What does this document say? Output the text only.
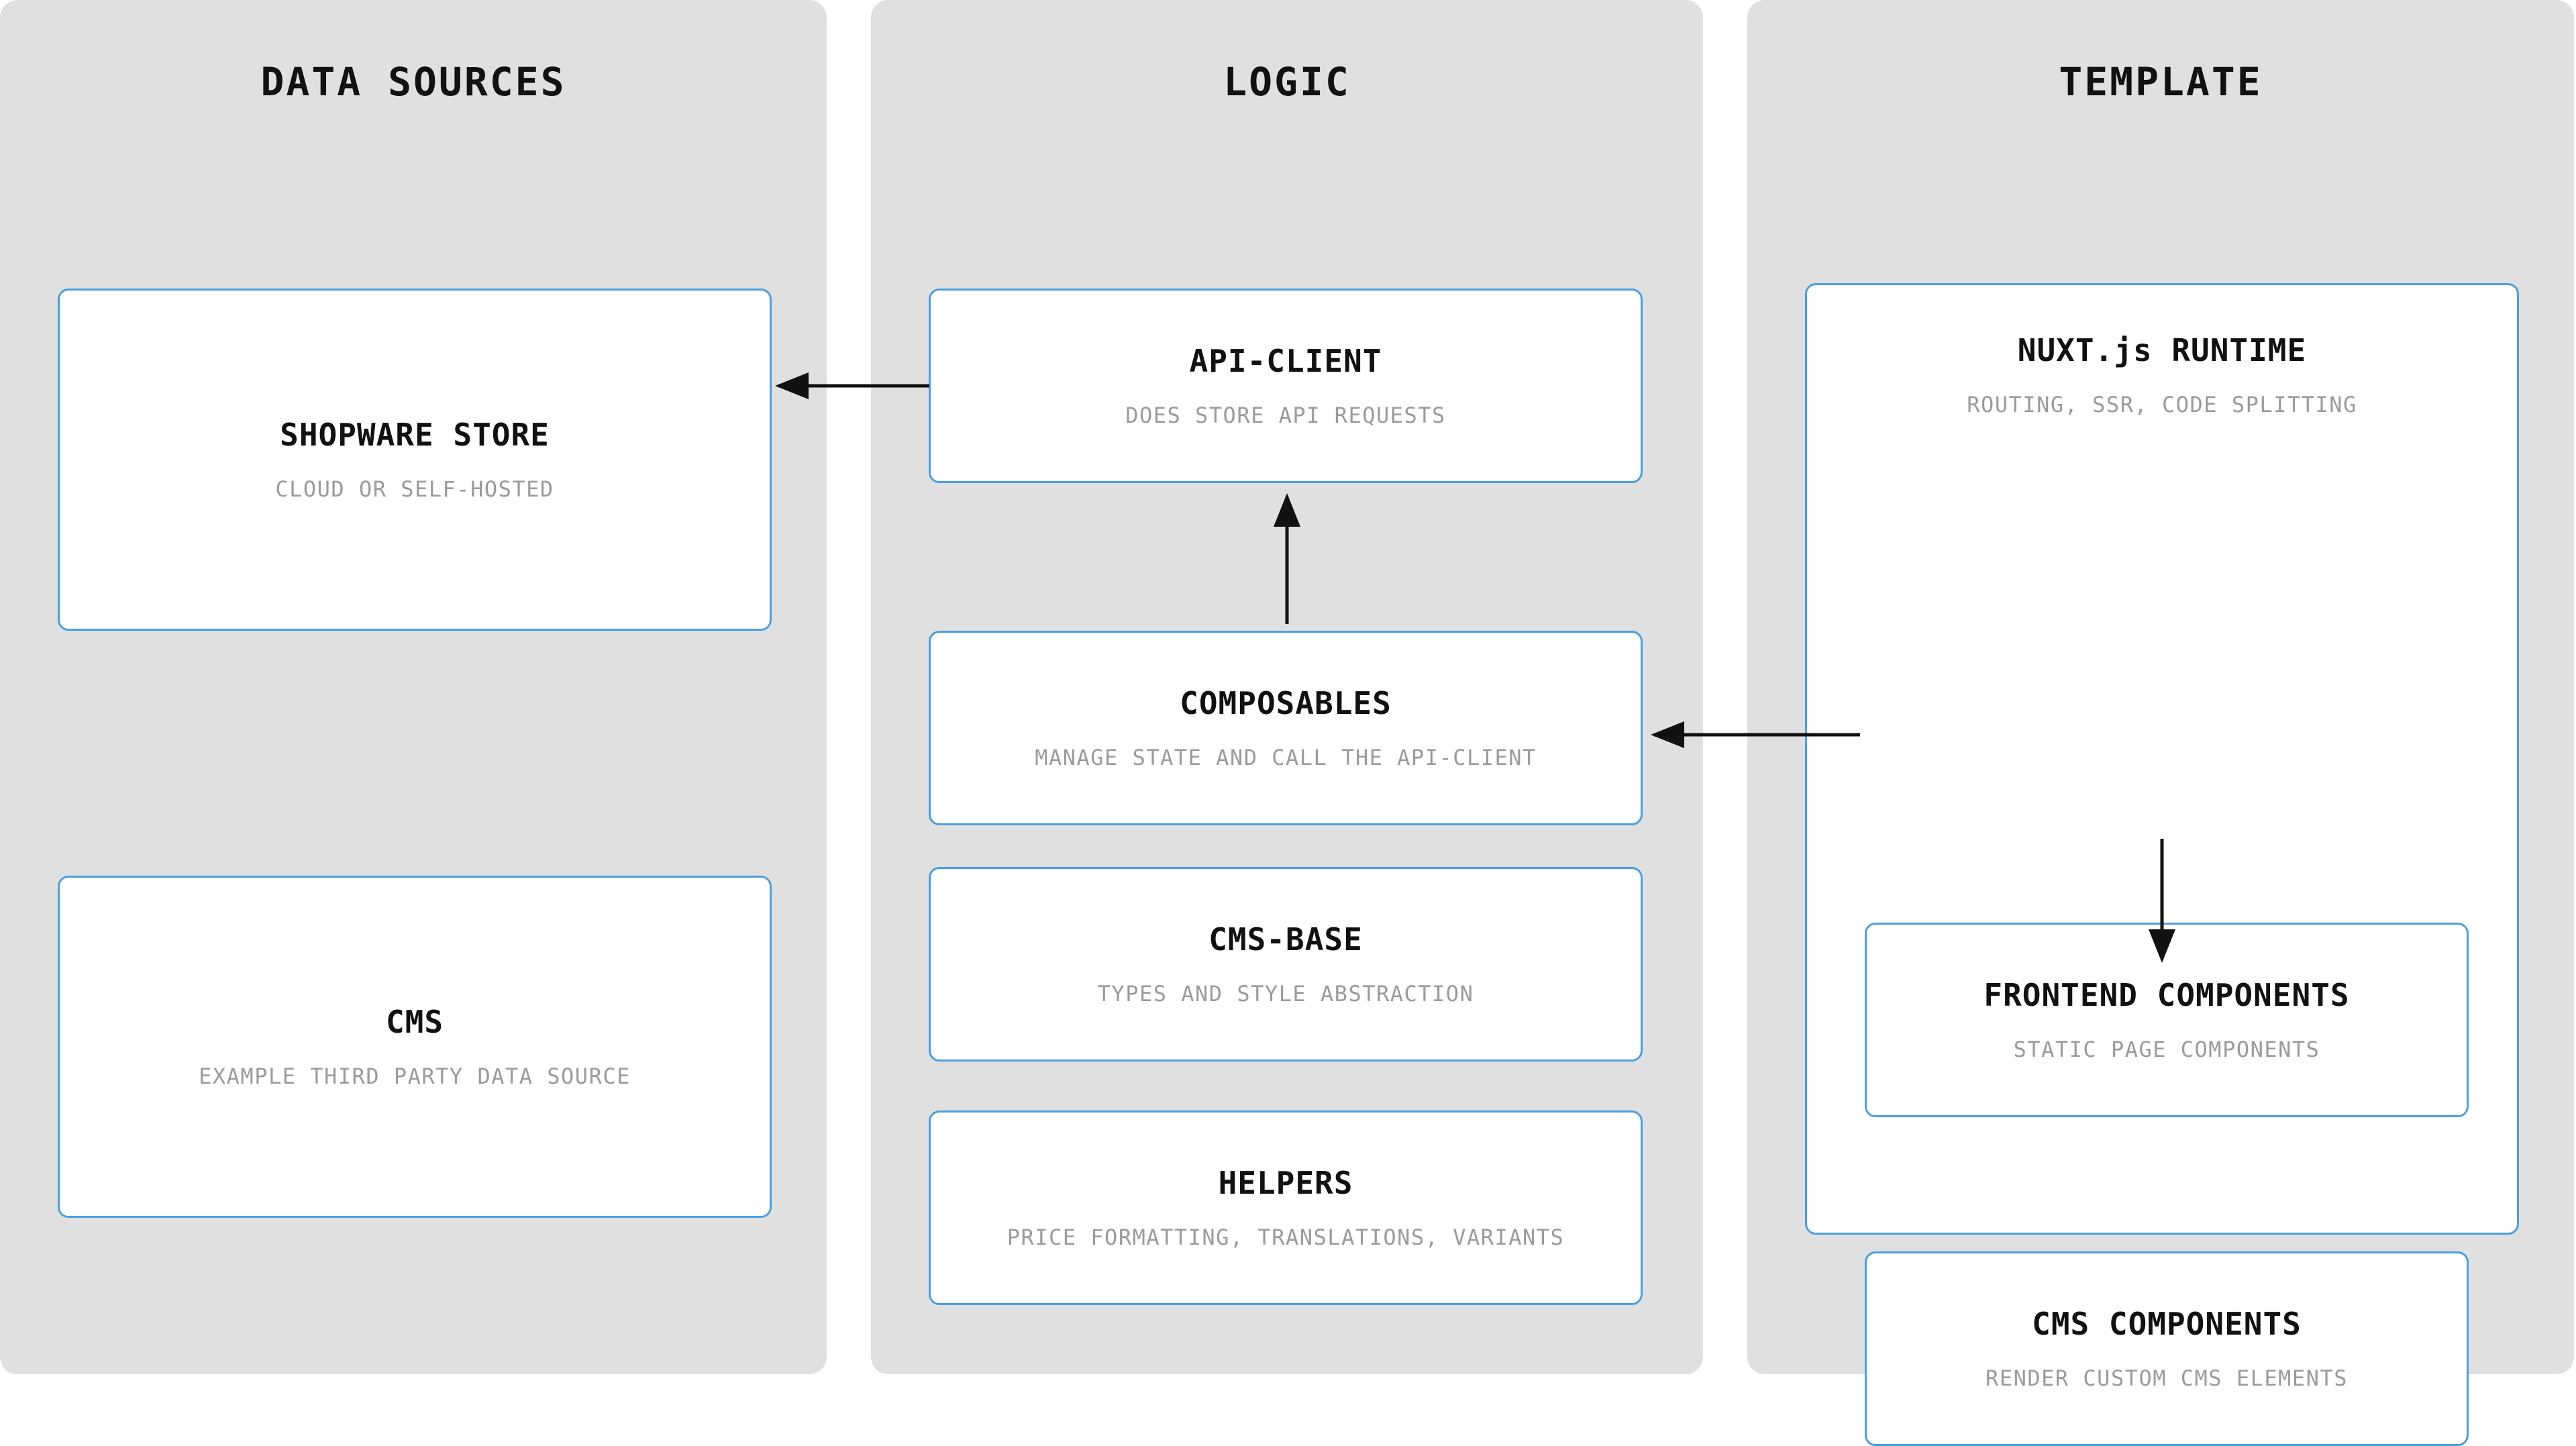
DATA SOURCES
SHOPWARE STORE
CLOUD OR SELF-HOSTED
CMS
EXAMPLE THIRD PARTY DATA SOURCE
LOGIC
API-CLIENT
DOES STORE API REQUESTS
COMPOSABLES
MANAGE STATE AND CALL THE API-CLIENT
CMS-BASE
TYPES AND STYLE ABSTRACTION
HELPERS
PRICE FORMATTING, TRANSLATIONS, VARIANTS
TEMPLATE
NUXT.js RUNTIME
ROUTING, SSR, CODE SPLITTING
FRONTEND COMPONENTS
STATIC PAGE COMPONENTS
CMS COMPONENTS
RENDER CUSTOM CMS ELEMENTS
